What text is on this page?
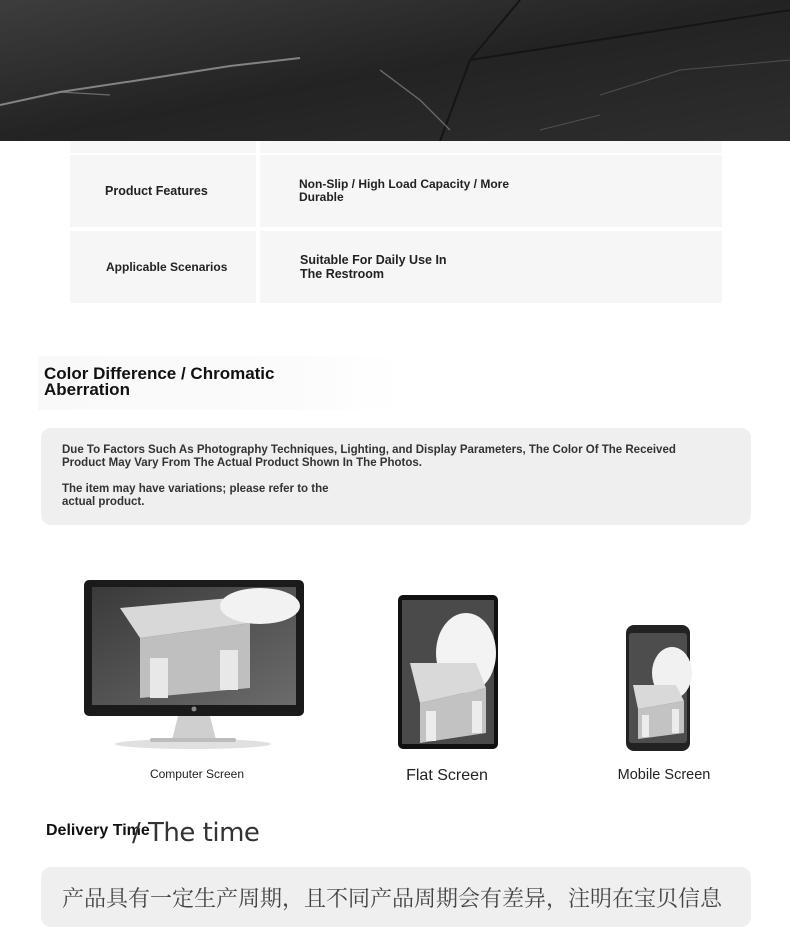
Product Features	Non-Slip / High Load Capacity / More Durable
Applicable Scenarios	Suitable For Daily Use In The Restroom
Color Difference / Chromatic Aberration
Due To Factors Such As Photography Techniques, Lighting, and Display Parameters, The Color Of The Received Product May Vary From The Actual Product Shown In The Photos.
The item may have variations; please refer to the actual product.
Computer Screen	Flat Screen	Mobile Screen
Delivery Time
/ The time
产品具有一定生产周期，且不同产品周期会有差异，注明在宝贝信息
